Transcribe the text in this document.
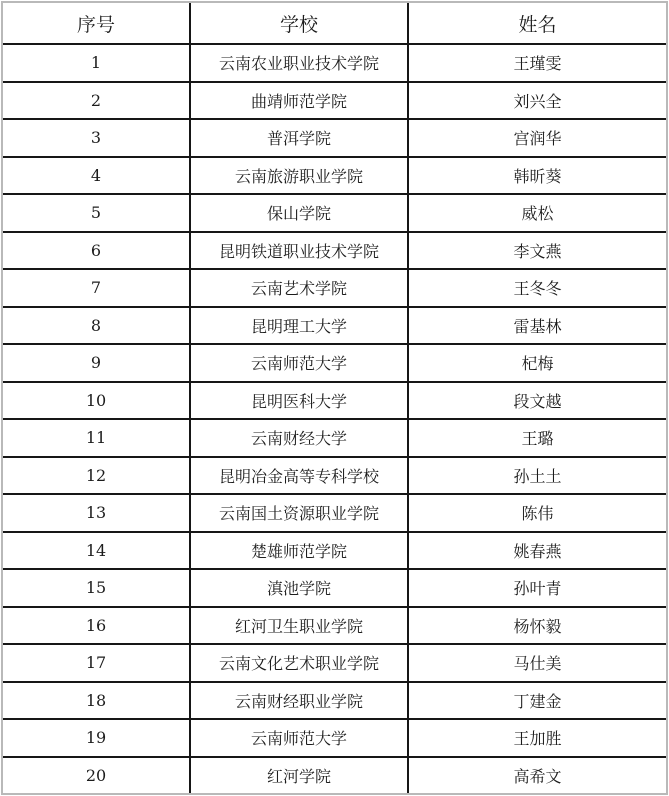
序号	学校	姓名
1	云南农业职业技术学院	王瑾雯
2	曲靖师范学院	刘兴全
3	普洱学院	宫润华
4	云南旅游职业学院	韩昕葵
5	保山学院	威松
6	昆明铁道职业技术学院	李文燕
7	云南艺术学院	王冬冬
8	昆明理工大学	雷基林
9	云南师范大学	杞梅
10	昆明医科大学	段文越
11	云南财经大学	王璐
12	昆明冶金高等专科学校	孙土土
13	云南国土资源职业学院	陈伟
14	楚雄师范学院	姚春燕
15	滇池学院	孙叶青
16	红河卫生职业学院	杨怀毅
17	云南文化艺术职业学院	马仕美
18	云南财经职业学院	丁建金
19	云南师范大学	王加胜
20	红河学院	高希文
